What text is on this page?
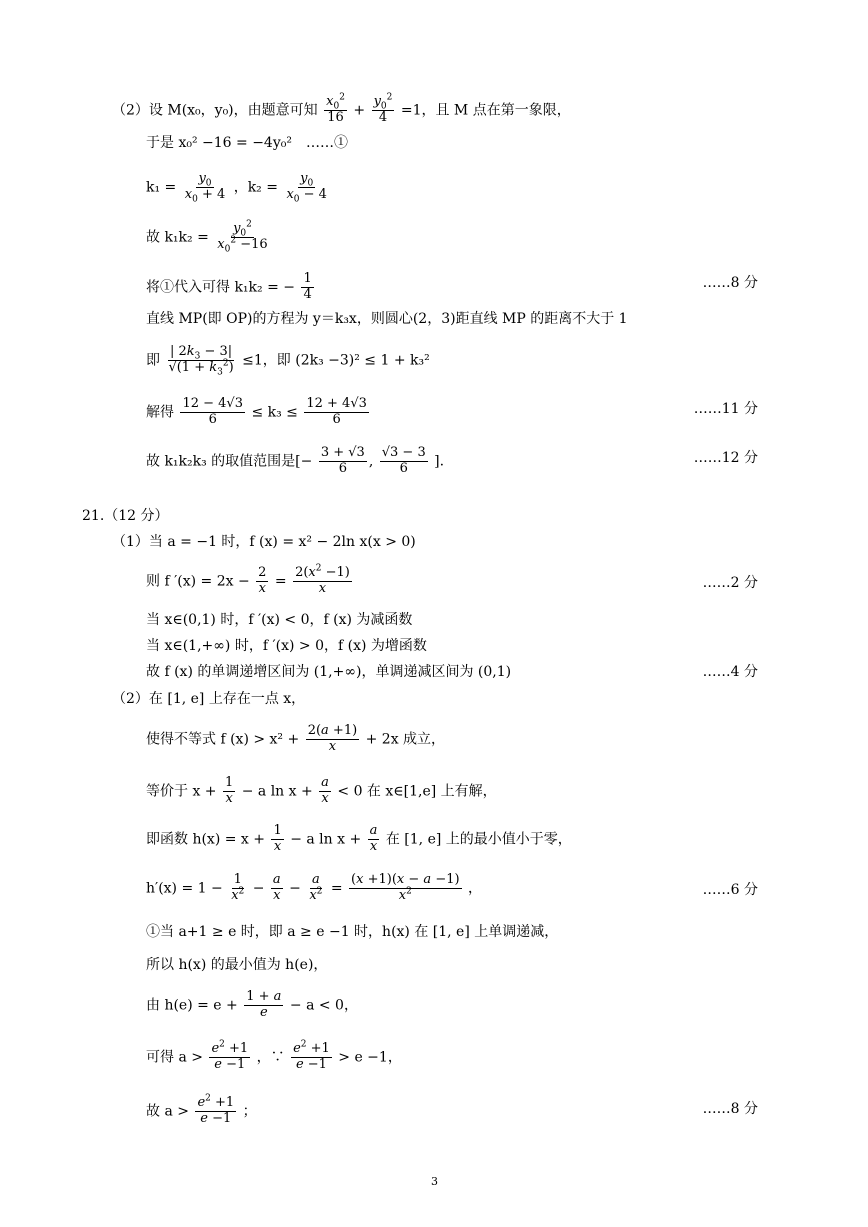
（2）设 M(x₀，y₀)，由题意可知 $\frac{x_0^2}{16} + \frac{y_0^2}{4} =1$，且 M 点在第一象限，
于是 x₀² −16 = −4y₀²　……①
$k_1 = \frac{y_0}{x_0 + 4}$ ，$k_2 = \frac{y_0}{x_0 - 4}$
故 $k_1k_2 = \frac{y_0^2}{x_0^2 -16}$
将①代入可得 k₁k₂ = − $\frac{1}{4}$	……8 分
直线 MP(即 OP)的方程为 y＝k₃x，则圆心(2，3)距直线 MP 的距离不大于 1
即 $\frac{| 2k_3 - 3|}{√(1 + k_3^2)} \le 1$，即 (2k₃ −3)² ≤ 1 + k₃²
解得 $\frac{12 - 4√3}{6} \le k_3 \le \frac{12 + 4√3}{6}$	……11 分
故 k₁k₂k₃ 的取值范围是[− $\frac{3 + √3}{6}$ , $\frac{√3 - 3}{6}$ ].	……12 分
21.（12 分）
（1）当 a = −1 时，f (x) = x² − 2ln x(x > 0)
则 f $'(x) = 2x - \frac{2}{x} = \frac{2(x^2 -1)}{x}$	……2 分
当 x∈(0,1) 时，f ′(x) < 0，f (x) 为减函数
当 x∈(1,+∞) 时，f ′(x) > 0，f (x) 为增函数
故 f (x) 的单调递增区间为 (1,+∞)，单调递减区间为 (0,1)	……4 分
（2）在 [1, e] 上存在一点 x，
使得不等式 f $(x) > x^2 + \frac{2(a +1)}{x} + 2x$ 成立，
等价于 $x + \frac{1}{x} - a$ $\ln x + \frac{a}{x} < 0$ 在 x∈[1,e] 上有解，
即函数 $h(x) = x + \frac{1}{x} - a$ $\ln x + \frac{a}{x}$ 在 [1, e] 上的最小值小于零，
$h'(x) = 1 - \frac{1}{x^2} - \frac{a}{x} - \frac{a}{x^2} = \frac{(x +1)(x - a -1)}{x^2}$ ，	……6 分
①当 a+1 ≥ e 时，即 a ≥ e −1 时，h(x) 在 [1, e] 上单调递减，
所以 h(x) 的最小值为 h(e)，
由 $h(e) = e + \frac{1 + a}{e} - a < 0$，
可得 $a > \frac{e^2 +1}{e -1}$ ，∵ $\frac{e^2 +1}{e -1} > e -1$，
故 $a > \frac{e^2 +1}{e -1}$ ；	……8 分
3
